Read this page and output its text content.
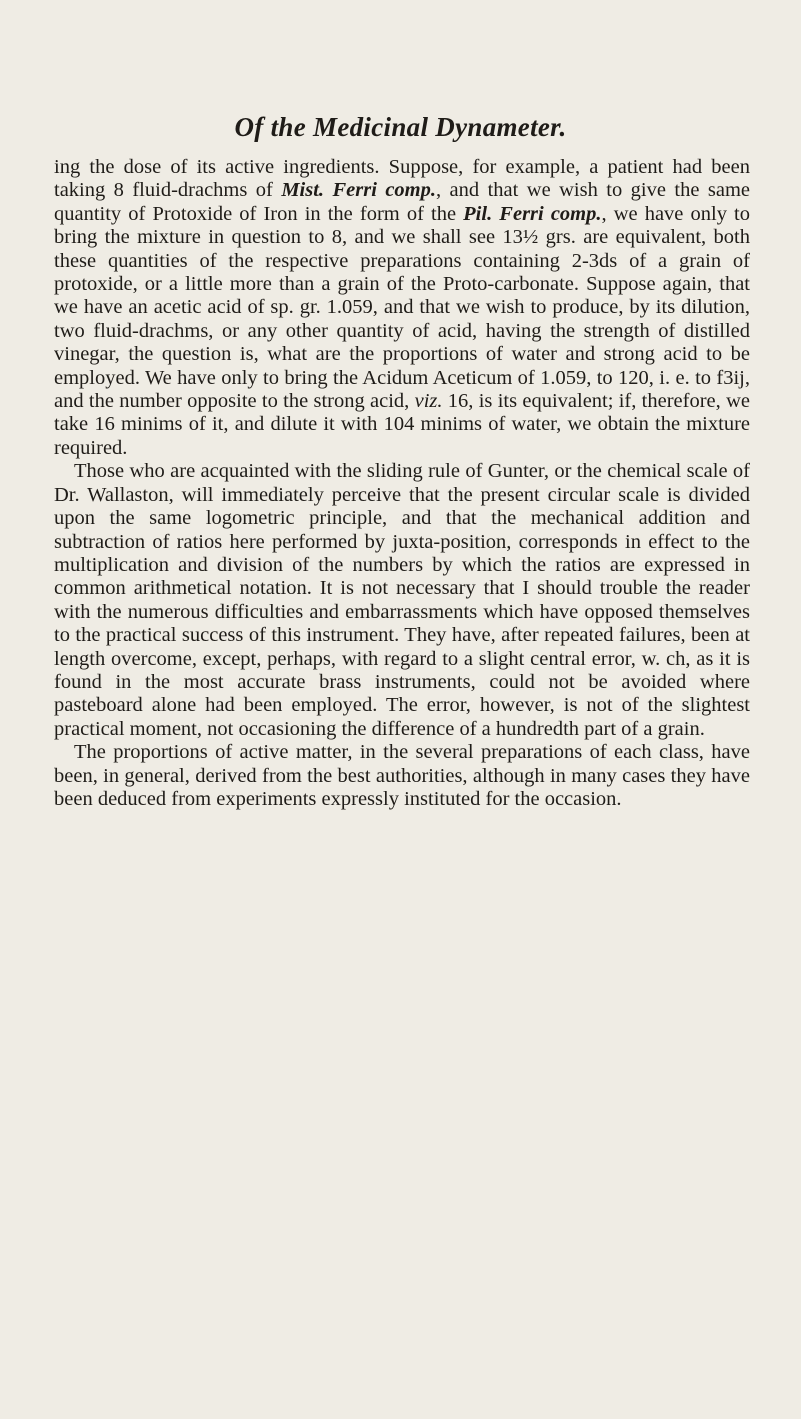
Of the Medicinal Dynameter.

ing the dose of its active ingredients. Suppose, for example, a patient had been taking 8 fluid-drachms of Mist. Ferri comp., and that we wish to give the same quantity of Protoxide of Iron in the form of the Pil. Ferri comp., we have only to bring the mixture in question to 8, and we shall see 13½ grs. are equivalent, both these quantities of the respective preparations containing 2-3ds of a grain of protoxide, or a little more than a grain of the Proto-carbonate. Suppose again, that we have an acetic acid of sp. gr. 1.059, and that we wish to produce, by its dilution, two fluid-drachms, or any other quantity of acid, having the strength of distilled vinegar, the question is, what are the proportions of water and strong acid to be employed. We have only to bring the Acidum Aceticum of 1.059, to 120, i. e. to f3ij, and the number opposite to the strong acid, viz. 16, is its equivalent; if, therefore, we take 16 minims of it, and dilute it with 104 minims of water, we obtain the mixture required.

Those who are acquainted with the sliding rule of Gunter, or the chemical scale of Dr. Wallaston, will immediately perceive that the present circular scale is divided upon the same logometric principle, and that the mechanical addition and subtraction of ratios here performed by juxta-position, corresponds in effect to the multiplication and division of the numbers by which the ratios are expressed in common arithmetical notation. It is not necessary that I should trouble the reader with the numerous difficulties and embarrassments which have opposed themselves to the practical success of this instrument. They have, after repeated failures, been at length overcome, except, perhaps, with regard to a slight central error, w. ch, as it is found in the most accurate brass instruments, could not be avoided where pasteboard alone had been employed. The error, however, is not of the slightest practical moment, not occasioning the difference of a hundredth part of a grain.

The proportions of active matter, in the several preparations of each class, have been, in general, derived from the best authorities, although in many cases they have been deduced from experiments expressly instituted for the occasion.
